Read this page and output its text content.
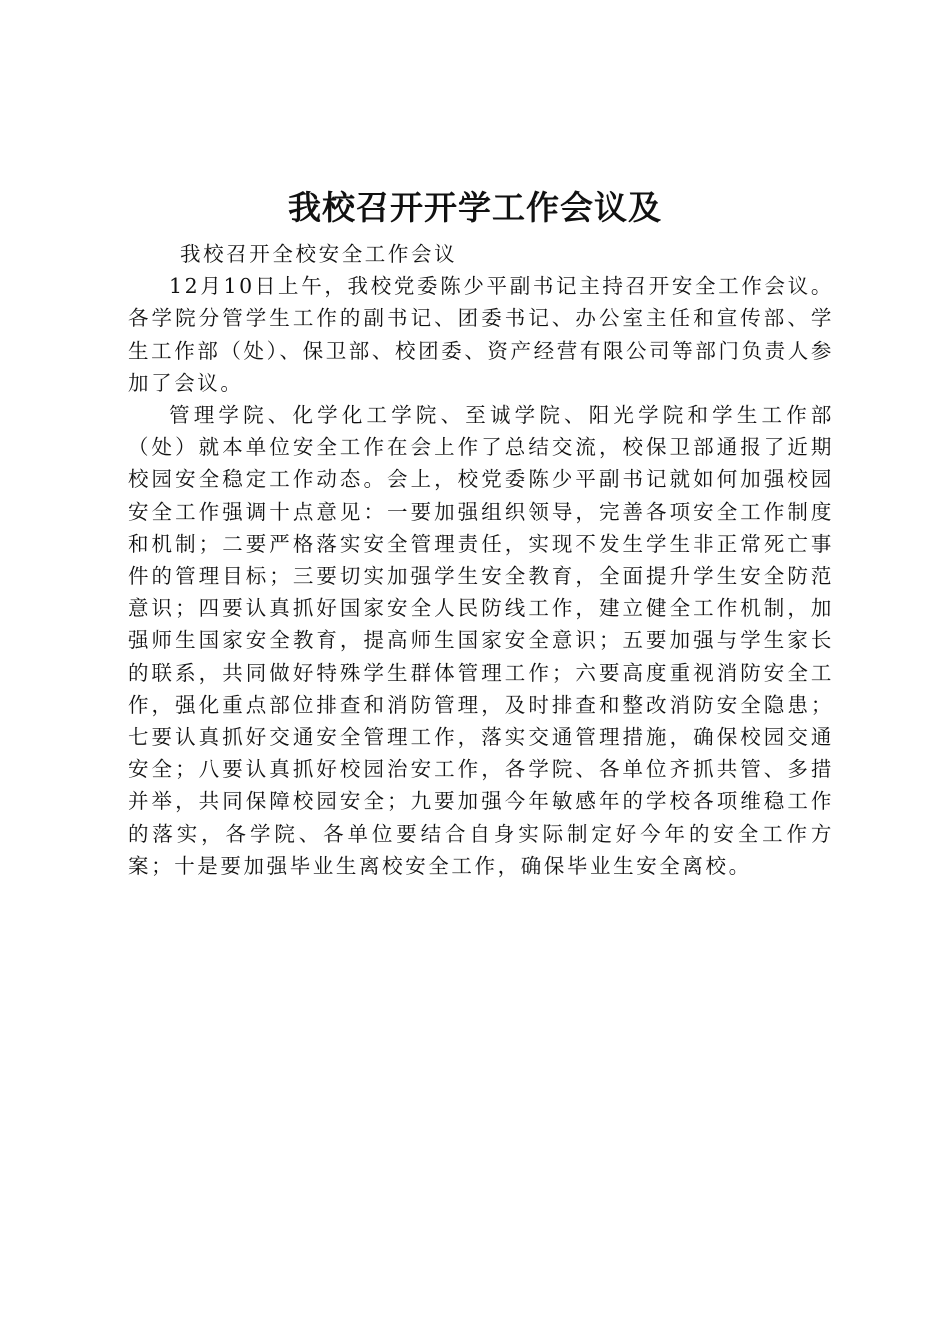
我校召开开学工作会议及

我校召开全校安全工作会议

12月10日上午，我校党委陈少平副书记主持召开安全工作会议。各学院分管学生工作的副书记、团委书记、办公室主任和宣传部、学生工作部（处）、保卫部、校团委、资产经营有限公司等部门负责人参加了会议。

管理学院、化学化工学院、至诚学院、阳光学院和学生工作部（处）就本单位安全工作在会上作了总结交流，校保卫部通报了近期校园安全稳定工作动态。会上，校党委陈少平副书记就如何加强校园安全工作强调十点意见：一要加强组织领导，完善各项安全工作制度和机制；二要严格落实安全管理责任，实现不发生学生非正常死亡事件的管理目标；三要切实加强学生安全教育，全面提升学生安全防范意识；四要认真抓好国家安全人民防线工作，建立健全工作机制，加强师生国家安全教育，提高师生国家安全意识；五要加强与学生家长的联系，共同做好特殊学生群体管理工作；六要高度重视消防安全工作，强化重点部位排查和消防管理，及时排查和整改消防安全隐患；七要认真抓好交通安全管理工作，落实交通管理措施，确保校园交通安全；八要认真抓好校园治安工作，各学院、各单位齐抓共管、多措并举，共同保障校园安全；九要加强今年敏感年的学校各项维稳工作的落实，各学院、各单位要结合自身实际制定好今年的安全工作方案；十是要加强毕业生离校安全工作，确保毕业生安全离校。
